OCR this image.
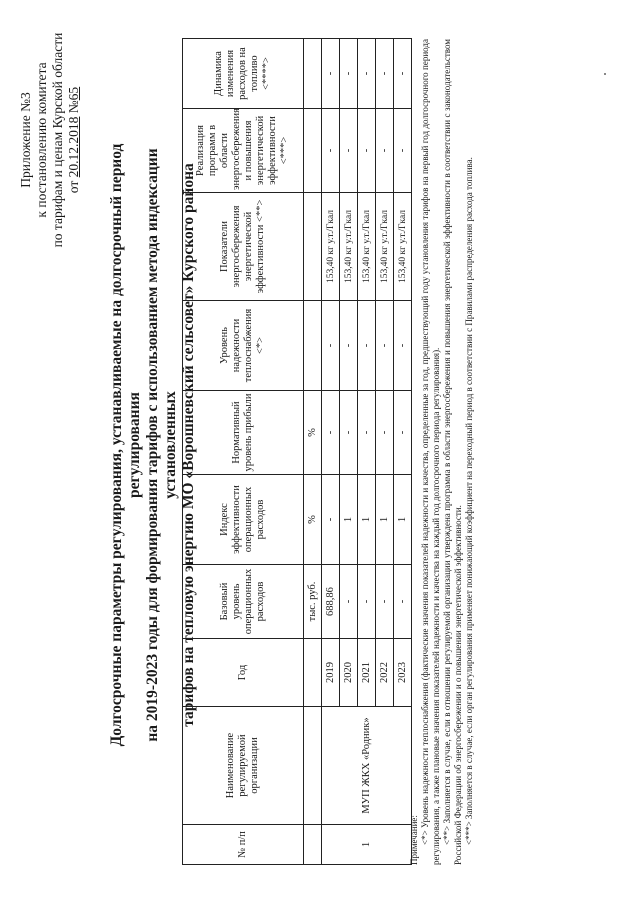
Приложение №3 к постановлению комитета по тарифам и ценам Курской области от 20.12.2018 №65
Долгосрочные параметры регулирования, устанавливаемые на долгосрочный период регулирования на 2019-2023 годы для формирования тарифов с использованием метода индексации установленных тарифов на тепловую энергию МО «Ворошневский сельсовет» Курского района
№ п/п	Наименование регулируемой организации	Год	Базовый уровень операционных расходов	Индекс эффективности операционных расходов	Нормативный уровень прибыли	Уровень надежности теплоснабжения <*>	Показатели энергосбережения энергетической эффективности <**>	Реализация программ в области энергосбережения и повышения энергетической эффективности <***>	Динамика изменения расходов на топливо <****>
			тыс. руб.	%	%				
1	МУП ЖКХ «Родник»	2019	688,86	-	-	-	153,40 кг у.т./Гкал	-	-
		2020	-	1	-	-	153,40 кг у.т./Гкал	-	-
		2021	-	1	-	-	153,40 кг у.т./Гкал	-	-
		2022	-	1	-	-	153,40 кг у.т./Гкал	-	-
		2023	-	1	-	-	153,40 кг у.т./Гкал	-	-

Примечание: <*> Уровень надежности теплоснабжения (фактические значения показателей надежности и качества, определенные за год, предшествующий году установления тарифов на первый год долгосрочного периода регулирования, а также плановые значения показателей надежности и качества на каждый год долгосрочного периода регулирования). <**> Заполняется в случае, если в отношении регулируемой организации утверждена программа в области энергосбережения и повышения энергетической эффективности в соответствии с законодательством Российской Федерации об энергосбережении и о повышении энергетической эффективности. <***> Заполняется в случае, если орган регулирования применяет понижающий коэффициент на переходный период в соответствии с Правилами распределения расхода топлива.
